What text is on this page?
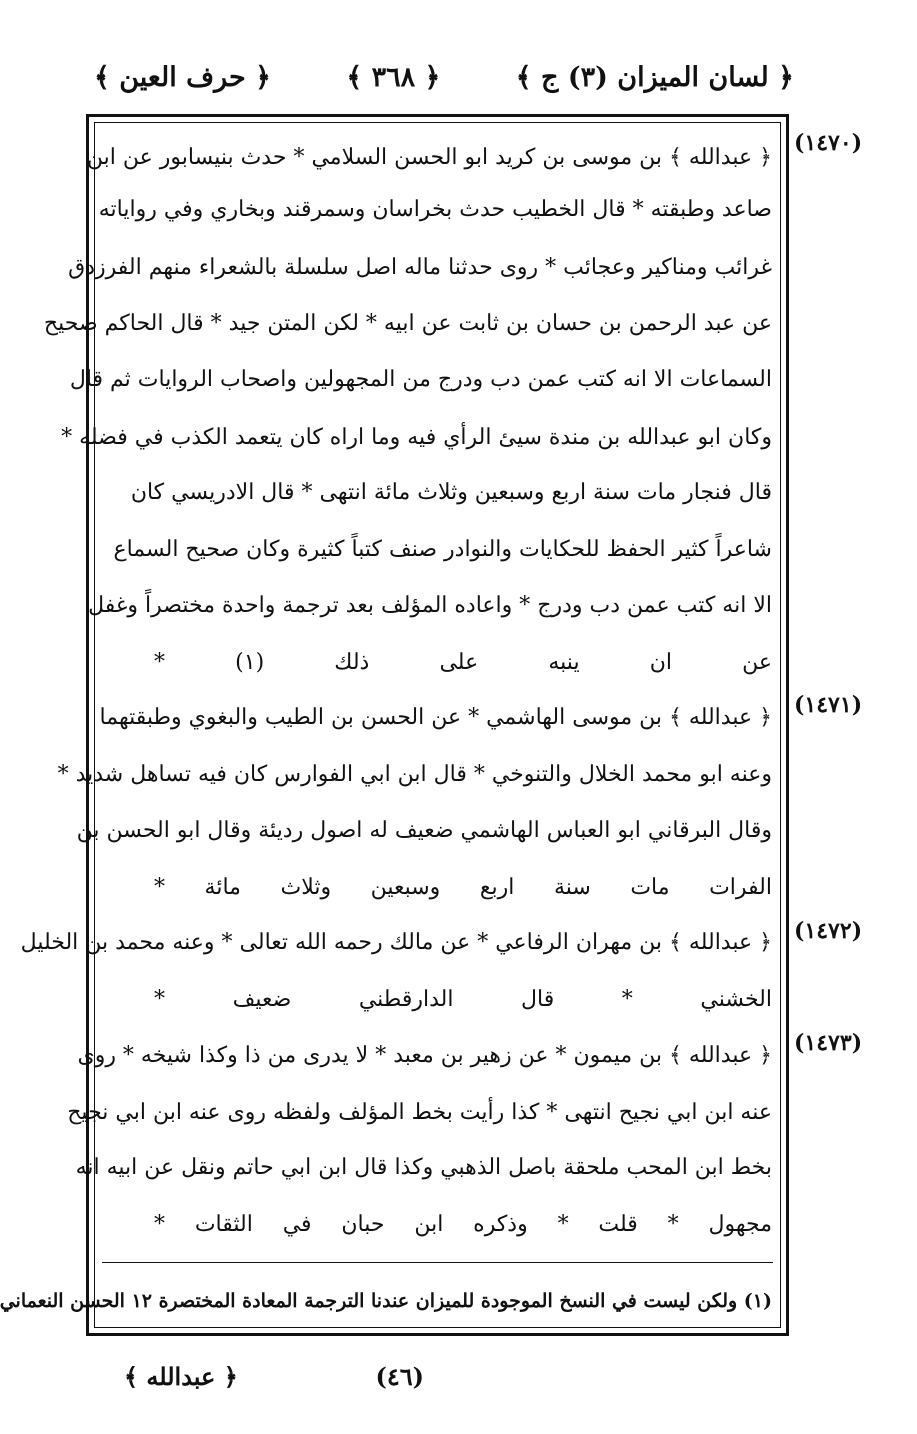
﴿ لسان الميزان (٣) ج ﴾
﴿ ٣٦٨ ﴾
﴿ حرف العين ﴾
(١٤٧٠)
﴿ عبدالله ﴾ بن موسى بن كريد ابو الحسن السلامي * حدث بنيسابور عن ابن
صاعد وطبقته * قال الخطيب حدث بخراسان وسمرقند وبخاري وفي رواياته
غرائب ومناكير وعجائب * روى حدثنا ماله اصل سلسلة بالشعراء منهم الفرزدق
عن عبد الرحمن بن حسان بن ثابت عن ابيه * لكن المتن جيد * قال الحاكم صحيح
السماعات الا انه كتب عمن دب ودرج من المجهولين واصحاب الروايات ثم قال
وكان ابو عبدالله بن مندة سيئ الرأي فيه وما اراه كان يتعمد الكذب في فضله *
قال فنجار مات سنة اربع وسبعين وثلاث مائة انتهى * قال الادريسي كان
شاعراً كثير الحفظ للحكايات والنوادر صنف كتباً كثيرة وكان صحيح السماع
الا انه كتب عمن دب ودرج * واعاده المؤلف بعد ترجمة واحدة مختصراً وغفل
عن ان ينبه على ذلك (١) *
(١٤٧١)
﴿ عبدالله ﴾ بن موسى الهاشمي * عن الحسن بن الطيب والبغوي وطبقتهما
وعنه ابو محمد الخلال والتنوخي * قال ابن ابي الفوارس كان فيه تساهل شديد *
وقال البرقاني ابو العباس الهاشمي ضعيف له اصول رديئة وقال ابو الحسن بن
الفرات مات سنة اربع وسبعين وثلاث مائة *
(١٤٧٢)
﴿ عبدالله ﴾ بن مهران الرفاعي * عن مالك رحمه الله تعالى * وعنه محمد بن الخليل
الخشني * قال الدارقطني ضعيف *
(١٤٧٣)
﴿ عبدالله ﴾ بن ميمون * عن زهير بن معبد * لا يدرى من ذا وكذا شيخه * روى
عنه ابن ابي نجيح انتهى * كذا رأيت بخط المؤلف ولفظه روى عنه ابن ابي نجيح
بخط ابن المحب ملحقة باصل الذهبي وكذا قال ابن ابي حاتم ونقل عن ابيه انه
مجهول * قلت * وذكره ابن حبان في الثقات *
(١) ولكن ليست في النسخ الموجودة للميزان عندنا الترجمة المعادة المختصرة ١٢ الحسن النعماني
(٤٦)
﴿ عبدالله ﴾
